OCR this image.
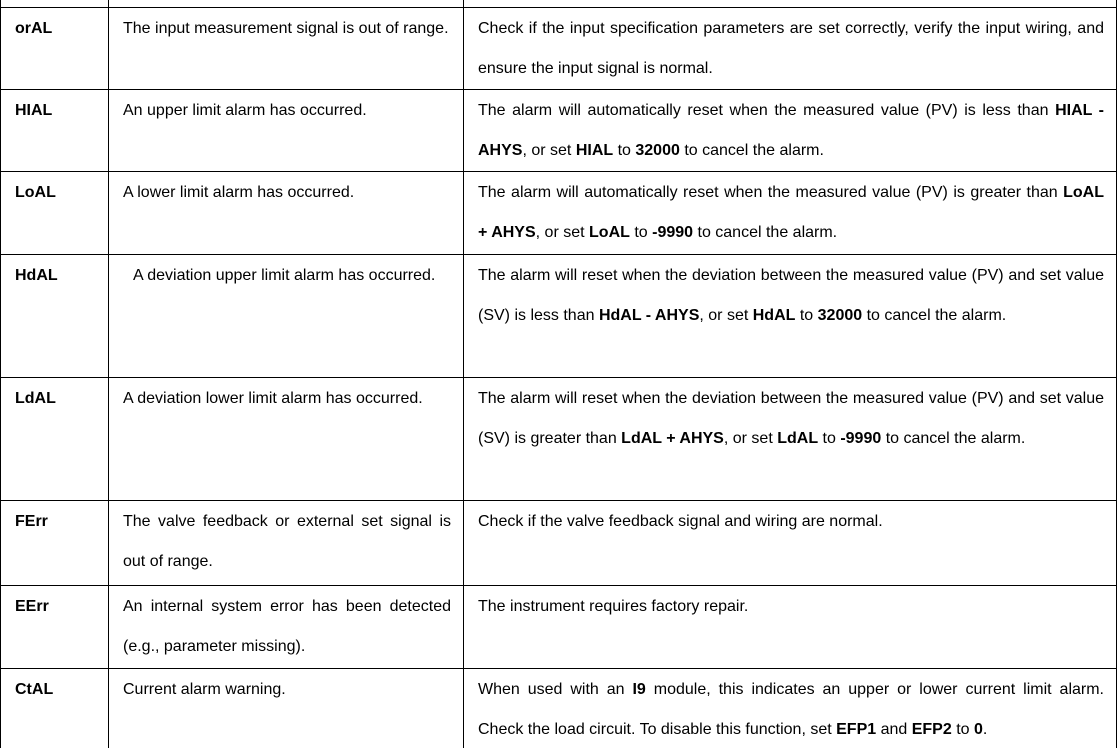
orAL	The input measurement signal is out of range.	Check if the input specification parameters are set correctly, verify the input wiring, and ensure the input signal is normal.
HIAL	An upper limit alarm has occurred.	The alarm will automatically reset when the measured value (PV) is less than HIAL - AHYS, or set HIAL to 32000 to cancel the alarm.
LoAL	A lower limit alarm has occurred.	The alarm will automatically reset when the measured value (PV) is greater than LoAL + AHYS, or set LoAL to -9990 to cancel the alarm.
HdAL	A deviation upper limit alarm has occurred.	The alarm will reset when the deviation between the measured value (PV) and set value (SV) is less than HdAL - AHYS, or set HdAL to 32000 to cancel the alarm.
LdAL	A deviation lower limit alarm has occurred.	The alarm will reset when the deviation between the measured value (PV) and set value (SV) is greater than LdAL + AHYS, or set LdAL to -9990 to cancel the alarm.
FErr	The valve feedback or external set signal is out of range.	Check if the valve feedback signal and wiring are normal.
EErr	An internal system error has been detected (e.g., parameter missing).	The instrument requires factory repair.
CtAL	Current alarm warning.	When used with an I9 module, this indicates an upper or lower current limit alarm. Check the load circuit. To disable this function, set EFP1 and EFP2 to 0.
